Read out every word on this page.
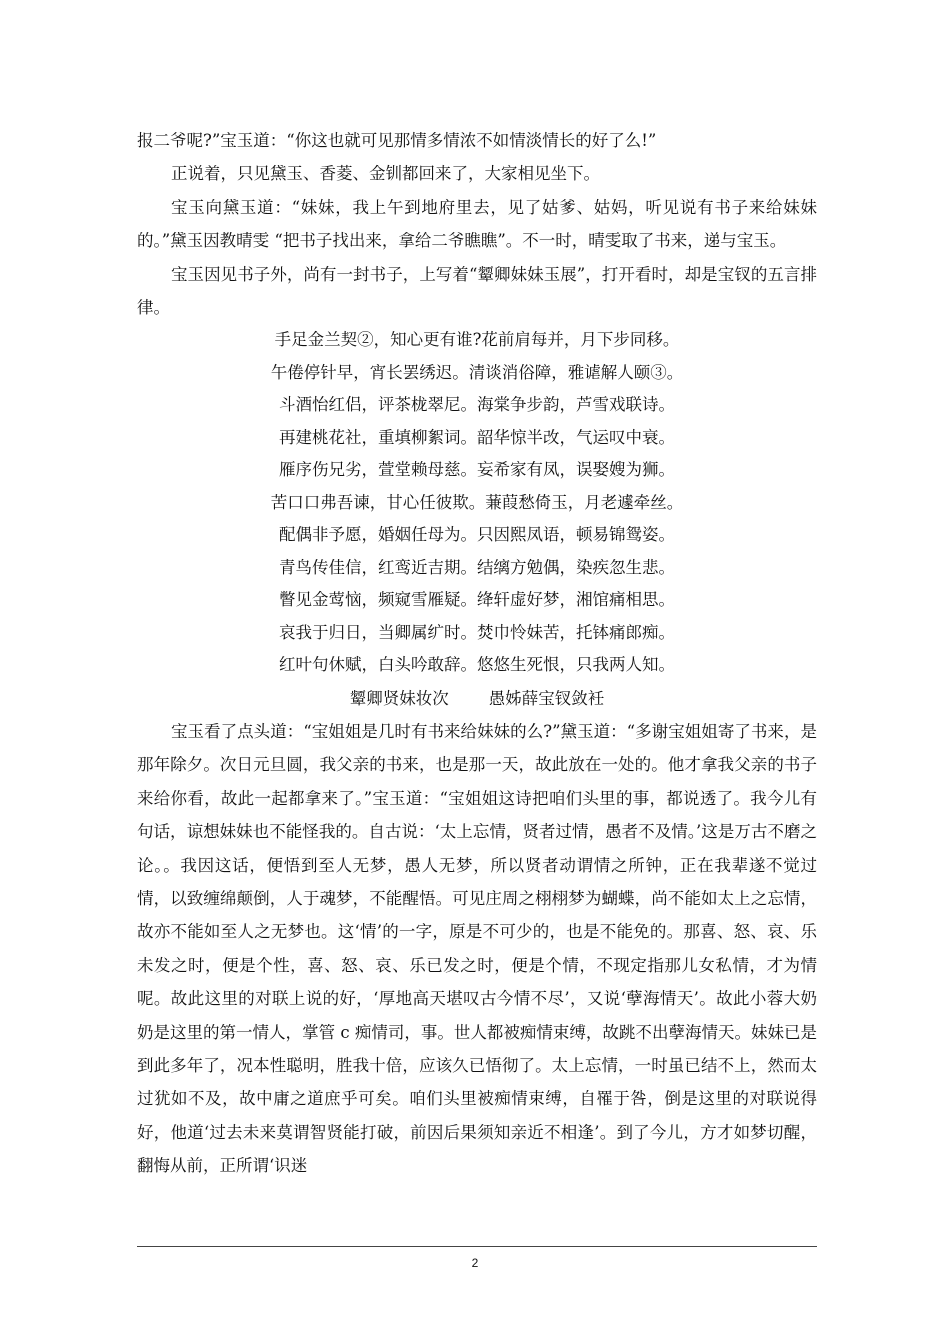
报二爷呢?”宝玉道：“你这也就可见那情多情浓不如情淡情长的好了么!”

正说着，只见黛玉、香菱、金钏都回来了，大家相见坐下。

宝玉向黛玉道：“妹妹，我上午到地府里去，见了姑爹、姑妈，听见说有书子来给妹妹的。”黛玉因教晴雯 “把书子找出来，拿给二爷瞧瞧”。不一时，晴雯取了书来，递与宝玉。

宝玉因见书子外，尚有一封书子，上写着“颦卿妹妹玉展”，打开看时，却是宝钗的五言排律。

手足金兰契②，知心更有谁?花前肩每并，月下步同移。
午倦停针早，宵长罢绣迟。清谈消俗障，雅谑解人颐③。
斗酒怡红侣，评茶栊翠尼。海棠争步韵，芦雪戏联诗。
再建桃花社，重填柳絮词。韶华惊半改，气运叹中衰。
雁序伤兄劣，萱堂赖母慈。妄希家有凤，误娶嫂为狮。
苦口口弗吾谏，甘心任彼欺。蒹葭愁倚玉，月老遽牵丝。
配偶非予愿，婚姻任母为。只因熙凤语，顿易锦鸳姿。
青鸟传佳信，红鸾近吉期。结缡方勉偶，染疾忽生悲。
瞥见金莺恼，频窥雪雁疑。绛轩虚好梦，湘馆痛相思。
哀我于归日，当卿属纩时。焚巾怜妹苦，托钵痛郎痴。
红叶句休赋，白头吟敢辞。悠悠生死恨，只我两人知。
颦卿贤妹妆次 愚姊薛宝钗敛衽

宝玉看了点头道：“宝姐姐是几时有书来给妹妹的么?”黛玉道：“多谢宝姐姐寄了书来，是那年除夕。次日元旦圆，我父亲的书来，也是那一天，故此放在一处的。他才拿我父亲的书子来给你看，故此一起都拿来了。”宝玉道：“宝姐姐这诗把咱们头里的事，都说透了。我今儿有句话，谅想妹妹也不能怪我的。自古说：‘太上忘情，贤者过情，愚者不及情。’这是万古不磨之论。。我因这话，便悟到至人无梦，愚人无梦，所以贤者动谓情之所钟，正在我辈遂不觉过情，以致缠绵颠倒，人于魂梦，不能醒悟。可见庄周之栩栩梦为蝴蝶，尚不能如太上之忘情，故亦不能如至人之无梦也。这‘情’的一字，原是不可少的，也是不能免的。那喜、怒、哀、乐未发之时，便是个性，喜、怒、哀、乐已发之时，便是个情，不现定指那儿女私情，才为情呢。故此这里的对联上说的好，‘厚地高天堪叹古今情不尽’，又说‘孽海情天’。故此小蓉大奶奶是这里的第一情人，掌管 c 痴情司，事。世人都被痴情束缚，故跳不出孽海情天。妹妹已是到此多年了，况本性聪明，胜我十倍，应该久已悟彻了。太上忘情，一时虽已结不上，然而太过犹如不及，故中庸之道庶乎可矣。咱们头里被痴情束缚，自罹于咎，倒是这里的对联说得好，他道‘过去未来莫谓智贤能打破，前因后果须知亲近不相逢’。到了今儿，方才如梦切醒，翻悔从前，正所谓‘识迷

2
